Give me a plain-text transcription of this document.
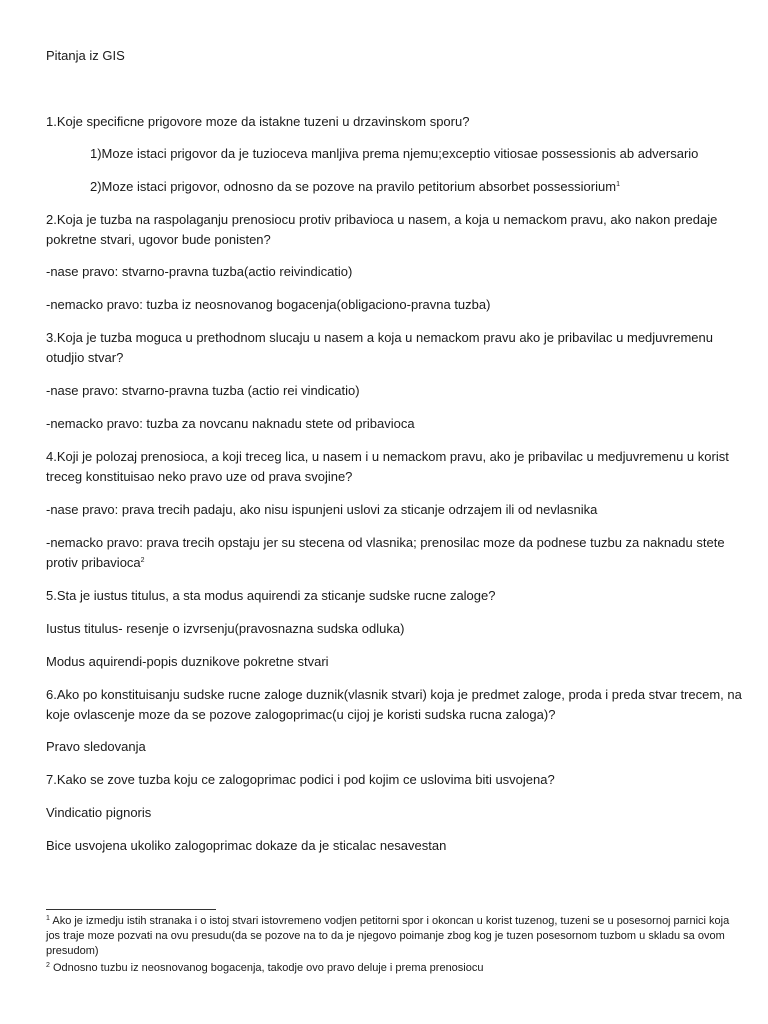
Pitanja iz GIS
1.Koje specificne prigovore moze da istakne tuzeni u drzavinskom sporu?
1)Moze istaci prigovor da je tuzioceva manljiva prema njemu;exceptio vitiosae possessionis ab adversario
2)Moze istaci prigovor, odnosno da se pozove na pravilo petitorium absorbet possessiorium$^1$
2.Koja je tuzba na raspolaganju prenosiocu protiv pribavioca u nasem, a koja u nemackom pravu, ako nakon predaje
pokretne stvari, ugovor bude ponisten?
-nase pravo: stvarno-pravna tuzba(actio reivindicatio)
-nemacko pravo: tuzba iz neosnovanog bogacenja(obligaciono-pravna tuzba)
3.Koja je tuzba moguca u prethodnom slucaju u nasem a koja u nemackom pravu ako je pribavilac u medjuvremenu
otudjio stvar?
-nase pravo: stvarno-pravna tuzba (actio rei vindicatio)
-nemacko pravo: tuzba za novcanu naknadu stete od pribavioca
4.Koji je polozaj prenosioca, a koji treceg lica, u nasem i u nemackom pravu, ako je pribavilac u medjuvremenu u korist
treceg konstituisao neko pravo uze od prava svojine?
-nase pravo: prava trecih padaju, ako nisu ispunjeni uslovi za sticanje odrzajem ili od nevlasnika
-nemacko pravo: prava trecih opstaju jer su stecena od vlasnika; prenosilac moze da podnese tuzbu za naknadu stete
protiv pribavioca$^2$
5.Sta je iustus titulus, a sta modus aquirendi za sticanje sudske rucne zaloge?
Iustus titulus- resenje o izvrsenju(pravosnazna sudska odluka)
Modus aquirendi-popis duznikove pokretne stvari
6.Ako po konstituisanju sudske rucne zaloge duznik(vlasnik stvari) koja je predmet zaloge, proda i preda stvar trecem, na
koje ovlascenje moze da se pozove zalogoprimac(u cijoj je koristi sudska rucna zaloga)?
Pravo sledovanja
7.Kako se zove tuzba koju ce zalogoprimac podici i pod kojim ce uslovima biti usvojena?
Vindicatio pignoris
Bice usvojena ukoliko zalogoprimac dokaze da je sticalac nesavestan
$^1$ Ako je izmedju istih stranaka i o istoj stvari istovremeno vodjen petitorni spor i okoncan u korist tuzenog, tuzeni se u posesornoj parnici koja jos traje moze pozvati na ovu presudu(da se pozove na to da je njegovo poimanje zbog kog je tuzen posesornom tuzbom u skladu sa ovom presudom)
$^2$ Odnosno tuzbu iz neosnovanog bogacenja, takodje ovo pravo deluje i prema prenosiocu
